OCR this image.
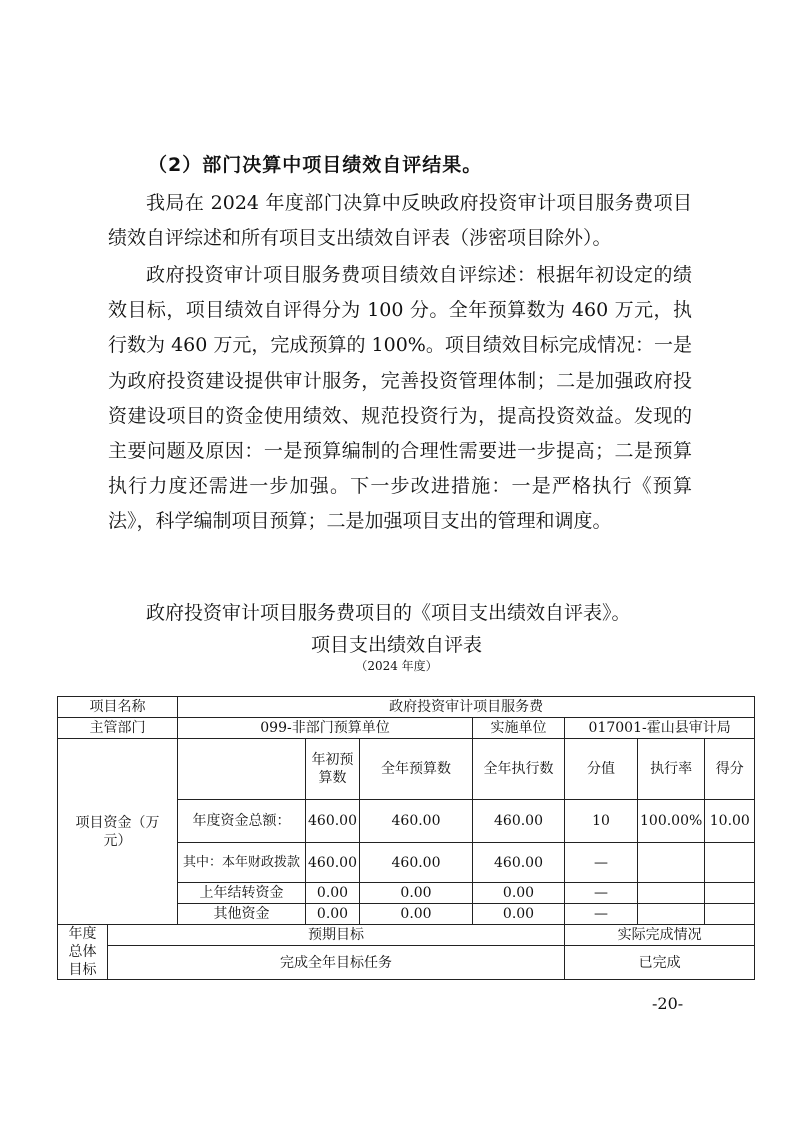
（2）部门决算中项目绩效自评结果。

我局在 2024 年度部门决算中反映政府投资审计项目服务费项目绩效自评综述和所有项目支出绩效自评表（涉密项目除外）。

政府投资审计项目服务费项目绩效自评综述：根据年初设定的绩效目标，项目绩效自评得分为 100 分。全年预算数为 460 万元，执行数为 460 万元，完成预算的 100%。项目绩效目标完成情况：一是为政府投资建设提供审计服务，完善投资管理体制；二是加强政府投资建设项目的资金使用绩效、规范投资行为，提高投资效益。发现的主要问题及原因：一是预算编制的合理性需要进一步提高；二是预算执行力度还需进一步加强。下一步改进措施：一是严格执行《预算法》，科学编制项目预算；二是加强项目支出的管理和调度。

政府投资审计项目服务费项目的《项目支出绩效自评表》。

项目支出绩效自评表
（2024 年度）
项目名称		政府投资审计项目服务费						
主管部门		099-非部门预算单位			实施单位	017001-霍山县审计局		
项目资金（万元）			年初预算数	全年预算数	全年执行数	分值	执行率	得分
		年度资金总额：	460.00	460.00	460.00	10	100.00%	10.00
		其中：本年财政拨款	460.00	460.00	460.00	—		
		上年结转资金	0.00	0.00	0.00	—		
		其他资金	0.00	0.00	0.00	—		
年度总体目标	预期目标					实际完成情况		
	完成全年目标任务					已完成		
-20-
